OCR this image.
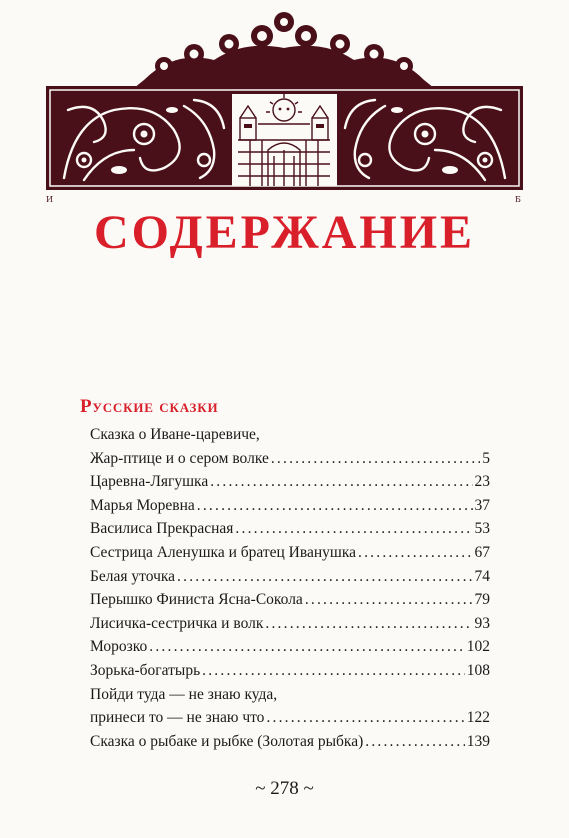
И	Б
СОДЕРЖАНИЕ
Русские сказки
Сказка о Иване-царевиче,
Жар-птице и о сером волке .....	5
Царевна-Лягушка .....	23
Марья Моревна .....	37
Василиса Прекрасная .....	53
Сестрица Аленушка и братец Иванушка .....	67
Белая уточка .....	74
Перышко Финиста Ясна-Сокола .....	79
Лисичка-сестричка и волк .....	93
Морозко .....	102
Зорька-богатырь .....	108
Пойди туда — не знаю куда,
принеси то — не знаю что .....	122
Сказка о рыбаке и рыбке (Золотая рыбка) .....	139
~ 278 ~
